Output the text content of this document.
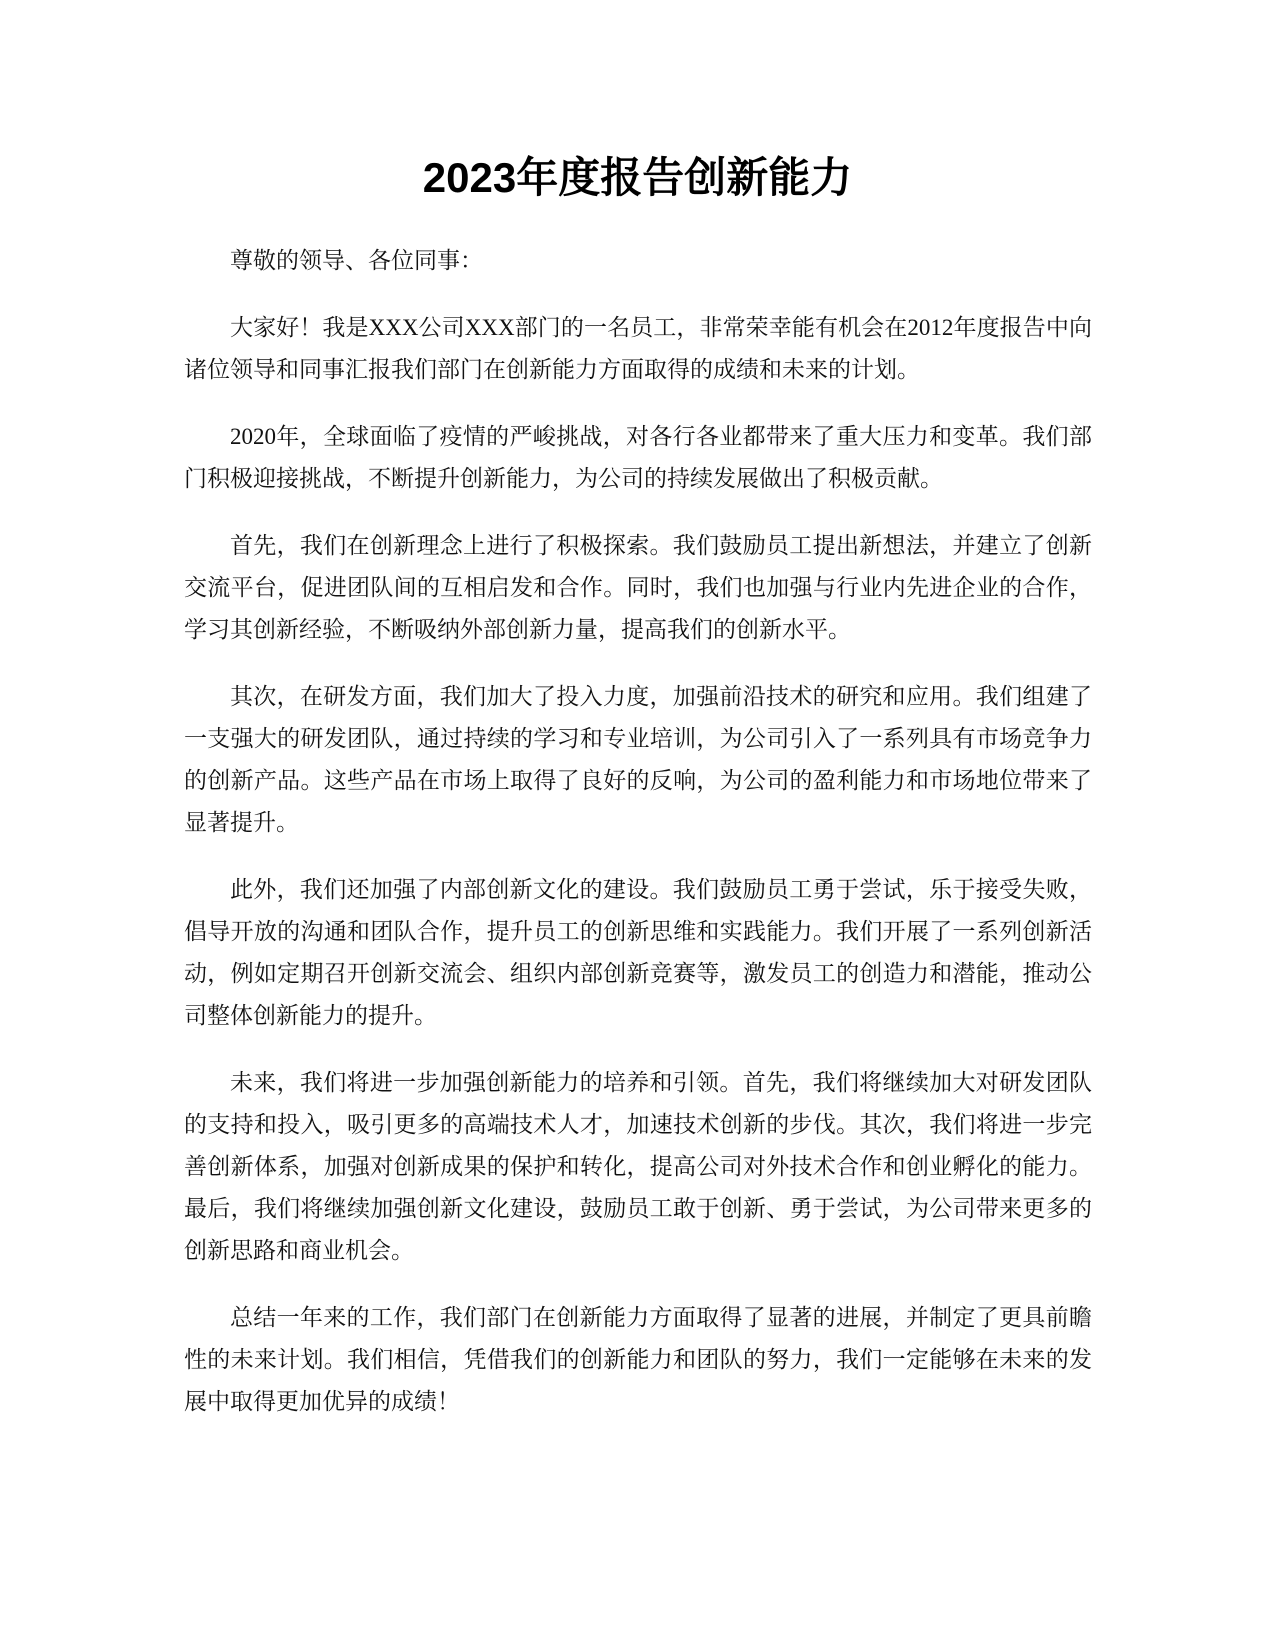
2023年度报告创新能力

尊敬的领导、各位同事：

大家好！我是XXX公司XXX部门的一名员工，非常荣幸能有机会在2012年度报告中向诸位领导和同事汇报我们部门在创新能力方面取得的成绩和未来的计划。

2020年，全球面临了疫情的严峻挑战，对各行各业都带来了重大压力和变革。我们部门积极迎接挑战，不断提升创新能力，为公司的持续发展做出了积极贡献。

首先，我们在创新理念上进行了积极探索。我们鼓励员工提出新想法，并建立了创新交流平台，促进团队间的互相启发和合作。同时，我们也加强与行业内先进企业的合作，学习其创新经验，不断吸纳外部创新力量，提高我们的创新水平。

其次，在研发方面，我们加大了投入力度，加强前沿技术的研究和应用。我们组建了一支强大的研发团队，通过持续的学习和专业培训，为公司引入了一系列具有市场竞争力的创新产品。这些产品在市场上取得了良好的反响，为公司的盈利能力和市场地位带来了显著提升。

此外，我们还加强了内部创新文化的建设。我们鼓励员工勇于尝试，乐于接受失败，倡导开放的沟通和团队合作，提升员工的创新思维和实践能力。我们开展了一系列创新活动，例如定期召开创新交流会、组织内部创新竞赛等，激发员工的创造力和潜能，推动公司整体创新能力的提升。

未来，我们将进一步加强创新能力的培养和引领。首先，我们将继续加大对研发团队的支持和投入，吸引更多的高端技术人才，加速技术创新的步伐。其次，我们将进一步完善创新体系，加强对创新成果的保护和转化，提高公司对外技术合作和创业孵化的能力。最后，我们将继续加强创新文化建设，鼓励员工敢于创新、勇于尝试，为公司带来更多的创新思路和商业机会。

总结一年来的工作，我们部门在创新能力方面取得了显著的进展，并制定了更具前瞻性的未来计划。我们相信，凭借我们的创新能力和团队的努力，我们一定能够在未来的发展中取得更加优异的成绩！
